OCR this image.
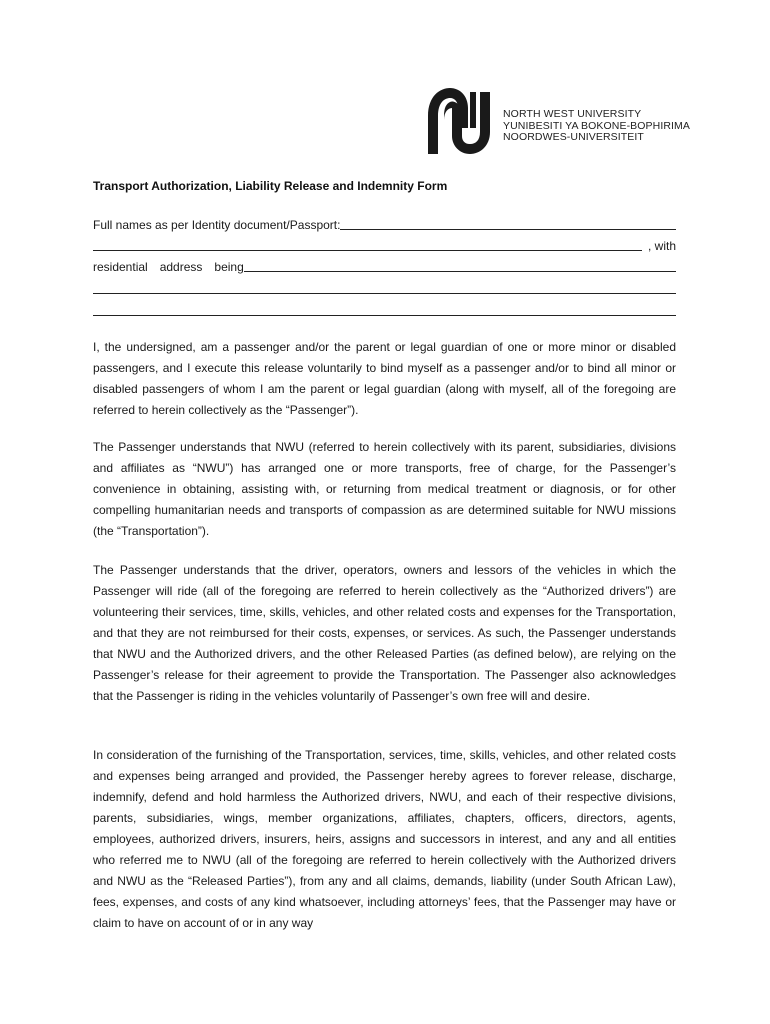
NORTH WEST UNIVERSITY
YUNIBESITI YA BOKONE-BOPHIRIMA
NOORDWES-UNIVERSITEIT
Transport Authorization, Liability Release and Indemnity Form
Full names as per Identity document/Passport:
, with
residential address being
I, the undersigned, am a passenger and/or the parent or legal guardian of one or more minor or disabled passengers, and I execute this release voluntarily to bind myself as a passenger and/or to bind all minor or disabled passengers of whom I am the parent or legal guardian (along with myself, all of the foregoing are referred to herein collectively as the “Passenger”).
The Passenger understands that NWU (referred to herein collectively with its parent, subsidiaries, divisions and affiliates as “NWU”) has arranged one or more transports, free of charge, for the Passenger’s convenience in obtaining, assisting with, or returning from medical treatment or diagnosis, or for other compelling humanitarian needs and transports of compassion as are determined suitable for NWU missions (the “Transportation”).
The Passenger understands that the driver, operators, owners and lessors of the vehicles in which the Passenger will ride (all of the foregoing are referred to herein collectively as the “Authorized drivers”) are volunteering their services, time, skills, vehicles, and other related costs and expenses for the Transportation, and that they are not reimbursed for their costs, expenses, or services. As such, the Passenger understands that NWU and the Authorized drivers, and the other Released Parties (as defined below), are relying on the Passenger’s release for their agreement to provide the Transportation. The Passenger also acknowledges that the Passenger is riding in the vehicles voluntarily of Passenger’s own free will and desire.
In consideration of the furnishing of the Transportation, services, time, skills, vehicles, and other related costs and expenses being arranged and provided, the Passenger hereby agrees to forever release, discharge, indemnify, defend and hold harmless the Authorized drivers, NWU, and each of their respective divisions, parents, subsidiaries, wings, member organizations, affiliates, chapters, officers, directors, agents, employees, authorized drivers, insurers, heirs, assigns and successors in interest, and any and all entities who referred me to NWU (all of the foregoing are referred to herein collectively with the Authorized drivers and NWU as the “Released Parties”), from any and all claims, demands, liability (under South African Law), fees, expenses, and costs of any kind whatsoever, including attorneys’ fees, that the Passenger may have or claim to have on account of or in any way
